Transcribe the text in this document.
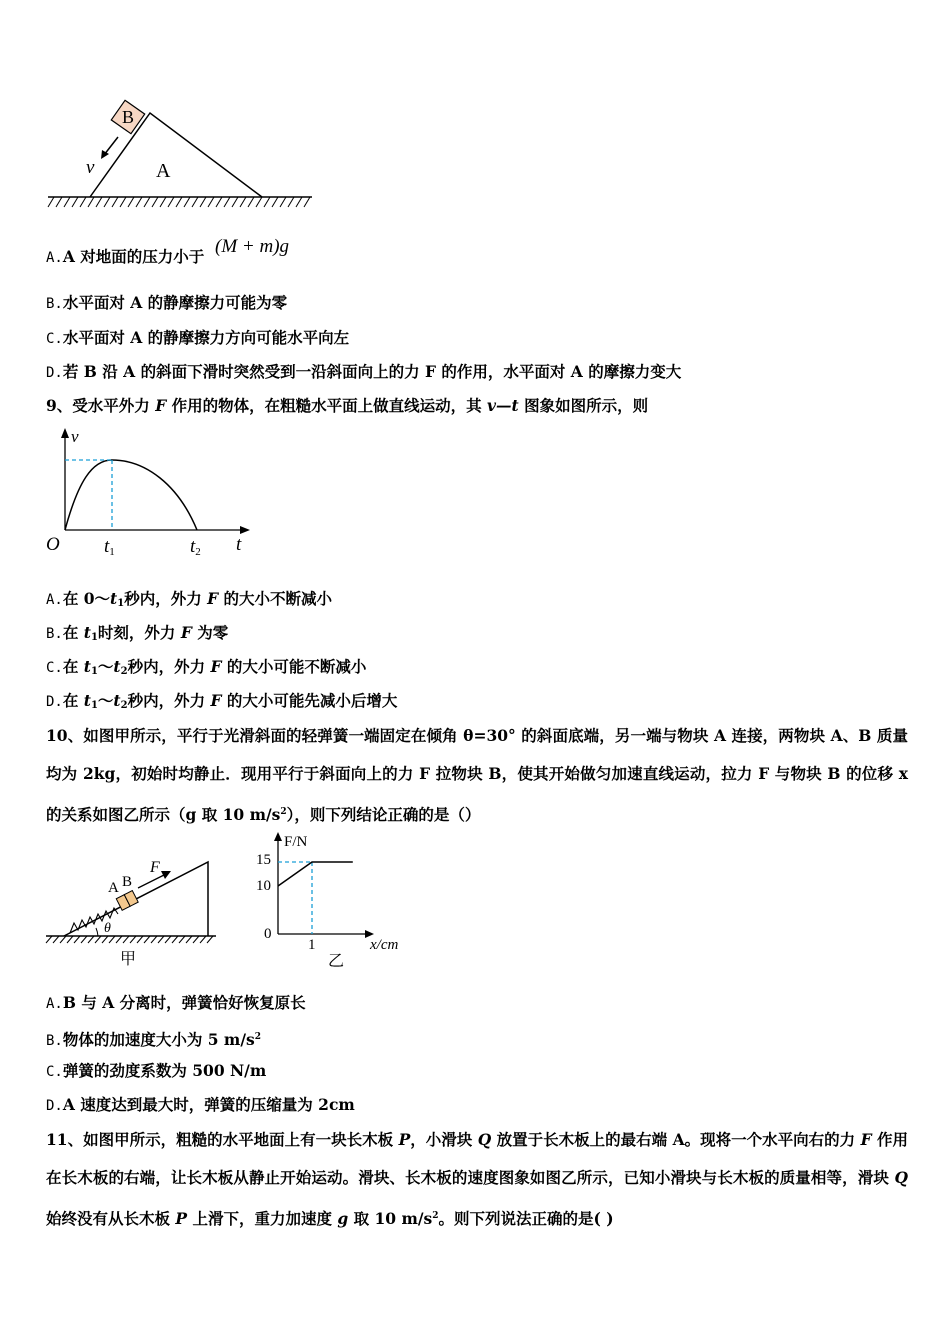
B
v	A
A.A 对地面的压力小于 (M + m)g
B.水平面对 A 的静摩擦力可能为零
C.水平面对 A 的静摩擦力方向可能水平向左
D.若 B 沿 A 的斜面下滑时突然受到一沿斜面向上的力 F 的作用，水平面对 A 的摩擦力变大
9、受水平外力 F 作用的物体，在粗糙水平面上做直线运动，其 v—t 图象如图所示，则
v
O t1	t2 t
A.在 $0\sim t_1$秒内，外力 F 的大小不断减小
B.在 $t_1$时刻，外力 F 为零
C.在 $t_1\sim t_2$秒内，外力 F 的大小可能不断减小
D.在 $t_1\sim t_2$秒内，外力 F 的大小可能先减小后增大
10、如图甲所示，平行于光滑斜面的轻弹簧一端固定在倾角 θ=30° 的斜面底端，另一端与物块 A 连接，两物块 A、B 质量均为 2kg，初始时均静止．现用平行于斜面向上的力 F 拉物块 B，使其开始做匀加速直线运动，拉力 F 与物块 B 的位移 x 的关系如图乙所示（g 取 10 $m/s^2$），则下列结论正确的是（）
A B
F
θ
甲
F/N
15
10
0
1	x/cm
乙
A.B 与 A 分离时，弹簧恰好恢复原长
B.物体的加速度大小为 5 $m/s^2$
C.弹簧的劲度系数为 500 N/m
D.A 速度达到最大时，弹簧的压缩量为 2cm
11、如图甲所示，粗糙的水平地面上有一块长木板 P，小滑块 Q 放置于长木板上的最右端 A。现将一个水平向右的力 F 作用在长木板的右端，让长木板从静止开始运动。滑块、长木板的速度图象如图乙所示，已知小滑块与长木板的质量相等，滑块 Q 始终没有从长木板 P 上滑下，重力加速度 g 取 10 $m/s^2$。则下列说法正确的是( )
